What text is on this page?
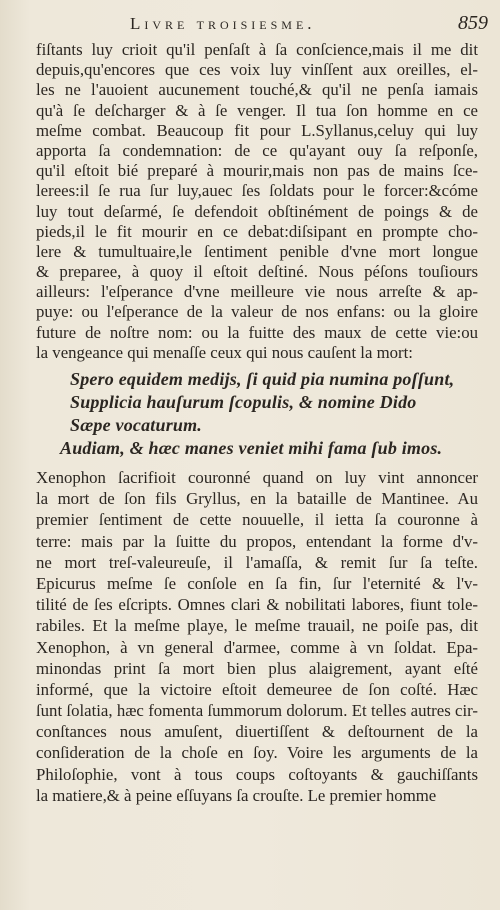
Livre troisiesme.	859
fiſtants luy crioit qu'il penſaſt à ſa conſcience,mais il me dit
depuis,qu'encores que ces voix luy vinſſent aux oreilles, el-
les ne l'auoient aucunement touché,& qu'il ne penſa iamais
qu'à ſe deſcharger & à ſe venger. Il tua ſon homme en ce
meſme combat. Beaucoup fit pour L.Syllanus,celuy qui luy
apporta ſa condemnation: de ce qu'ayant ouy ſa reſponſe,
qu'il eſtoit bié preparé à mourir,mais non pas de mains ſce-
lerees:il ſe rua ſur luy,auec ſes ſoldats pour le forcer:&cóme
luy tout deſarmé, ſe defendoit obſtinément de poings & de
pieds,il le fit mourir en ce debat:diſsipant en prompte cho-
lere & tumultuaire,le ſentiment penible d'vne mort longue
& preparee, à quoy il eſtoit deſtiné. Nous péſons touſiours
ailleurs: l'eſperance d'vne meilleure vie nous arreſte & ap-
puye: ou l'eſperance de la valeur de nos enfans: ou la gloire
future de noſtre nom: ou la fuitte des maux de cette vie:ou
la vengeance qui menaſſe ceux qui nous cauſent la mort:
Spero equidem medijs, ſi quid pia numina poſſunt,
Supplicia hauſurum ſcopulis, & nomine Dido
Sæpe vocaturum.
Audiam, & hæc manes veniet mihi fama ſub imos.
Xenophon ſacrifioit couronné quand on luy vint annoncer
la mort de ſon fils Gryllus, en la bataille de Mantinee. Au
premier ſentiment de cette nouuelle, il ietta ſa couronne à
terre: mais par la ſuitte du propos, entendant la forme d'v-
ne mort treſ-valeureuſe, il l'amaſſa, & remit ſur ſa teſte.
Epicurus meſme ſe conſole en ſa fin, ſur l'eternité & l'v-
tilité de ſes eſcripts. Omnes clari & nobilitati labores, fiunt tole-
rabiles. Et la meſme playe, le meſme trauail, ne poiſe pas, dit
Xenophon, à vn general d'armee, comme à vn ſoldat. Epa-
minondas print ſa mort bien plus alaigrement, ayant eſté
informé, que la victoire eſtoit demeuree de ſon coſté. Hæc
ſunt ſolatia, hæc fomenta ſummorum dolorum. Et telles autres cir-
conſtances nous amuſent, diuertiſſent & deſtournent de la
conſideration de la choſe en ſoy. Voire les arguments de la
Philoſophie, vont à tous coups coſtoyants & gauchiſſants
la matiere,& à peine eſſuyans ſa crouſte. Le premier homme
